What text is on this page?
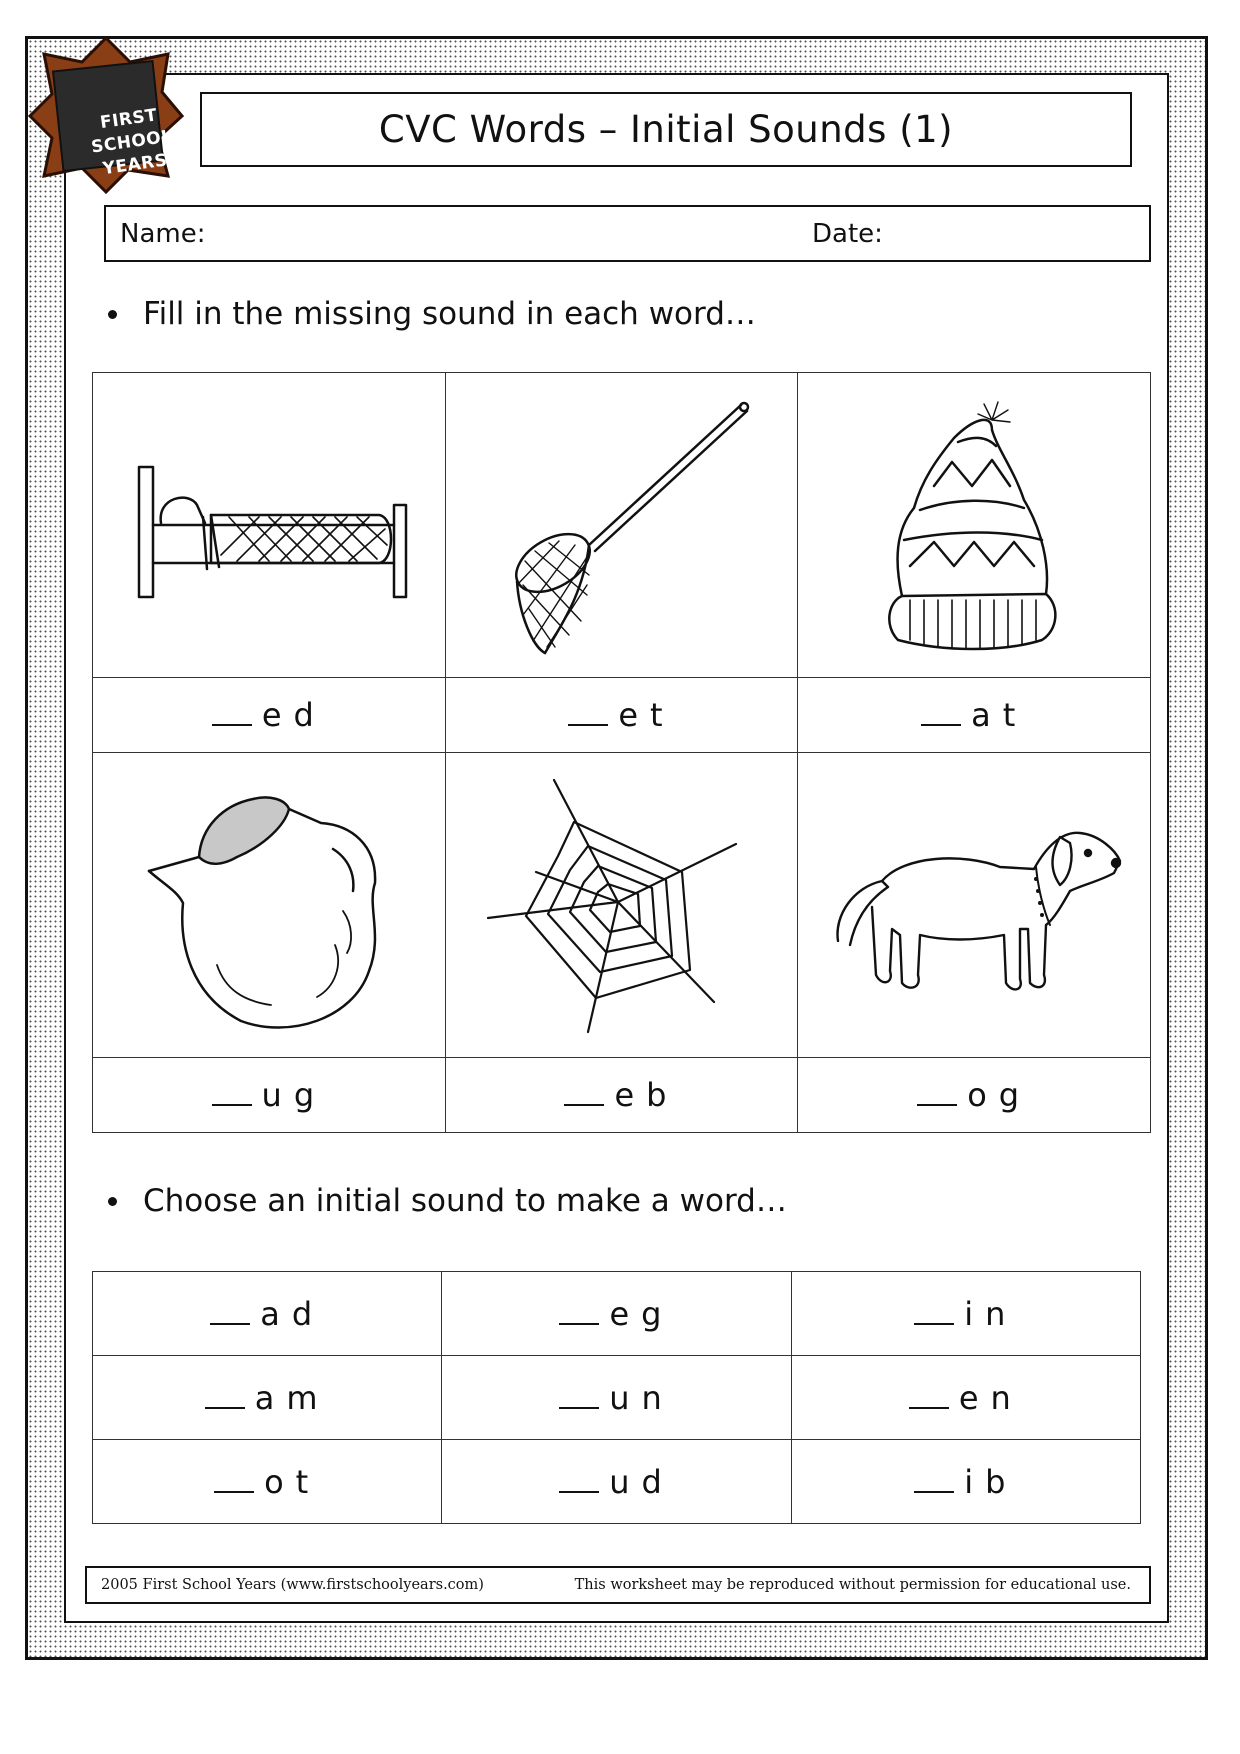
FIRST
SCHOOL
YEARS
CVC Words – Initial Sounds (1)
Name:	Date:
Fill in the missing sound in each word…

ed	et	at

ug	eb	og
Choose an initial sound to make a word…
ad	eg	in
am	un	en
ot	ud	ib
2005 First School Years (www.firstschoolyears.com)	This worksheet may be reproduced without permission for educational use.
